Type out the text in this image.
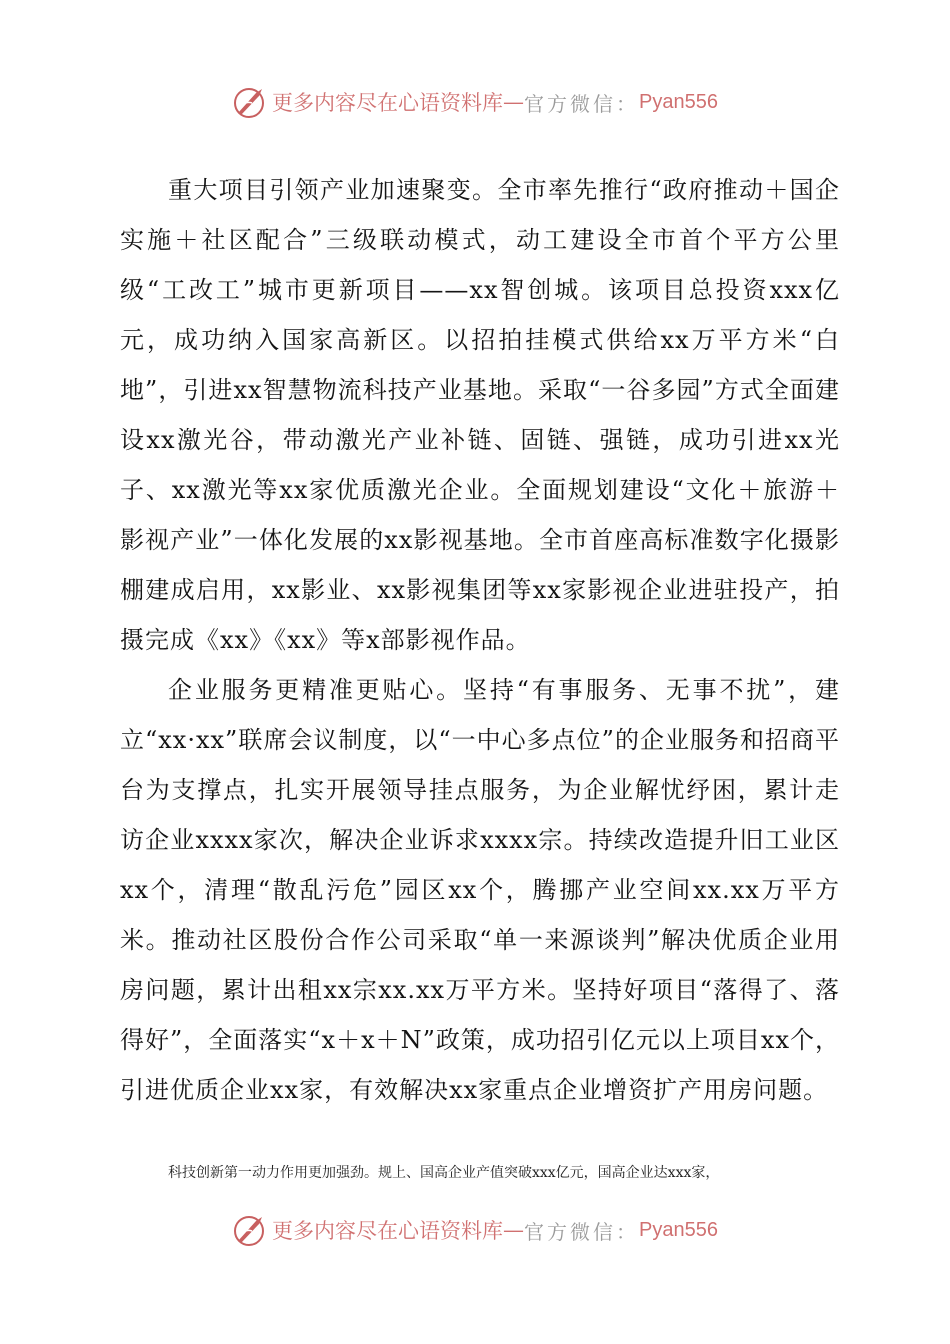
更多内容尽在心语资料库 — 官方微信： Pyan556

重大项目引领产业加速聚变。全市率先推行“政府推动＋国企实施＋社区配合”三级联动模式，动工建设全市首个平方公里级“工改工”城市更新项目——xx智创城。该项目总投资xxx亿元，成功纳入国家高新区。以招拍挂模式供给xx万平方米“白地”，引进xx智慧物流科技产业基地。采取“一谷多园”方式全面建设xx激光谷，带动激光产业补链、固链、强链，成功引进xx光子、xx激光等xx家优质激光企业。全面规划建设“文化＋旅游＋影视产业”一体化发展的xx影视基地。全市首座高标准数字化摄影棚建成启用，xx影业、xx影视集团等xx家影视企业进驻投产，拍摄完成《xx》《xx》等x部影视作品。

企业服务更精准更贴心。坚持“有事服务、无事不扰”，建立“xx·xx”联席会议制度，以“一中心多点位”的企业服务和招商平台为支撑点，扎实开展领导挂点服务，为企业解忧纾困，累计走访企业xxxx家次，解决企业诉求xxxx宗。持续改造提升旧工业区xx个，清理“散乱污危”园区xx个，腾挪产业空间xx.xx万平方米。推动社区股份合作公司采取“单一来源谈判”解决优质企业用房问题，累计出租xx宗xx.xx万平方米。坚持好项目“落得了、落得好”，全面落实“x＋x＋N”政策，成功招引亿元以上项目xx个，引进优质企业xx家，有效解决xx家重点企业增资扩产用房问题。

科技创新第一动力作用更加强劲。规上、国高企业产值突破xxx亿元，国高企业达xxx家，
更多内容尽在心语资料库 — 官方微信： Pyan556
